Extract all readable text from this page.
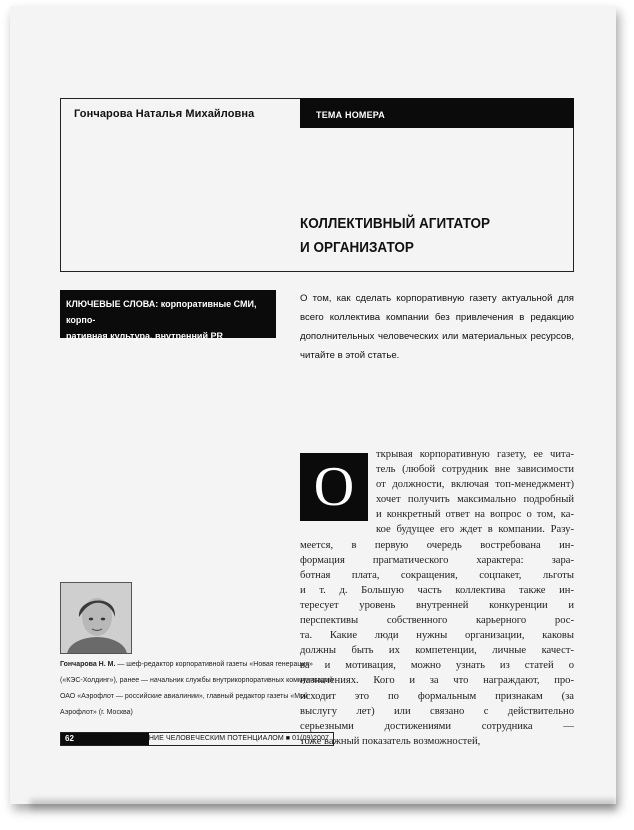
Гончарова Наталья Михайловна	ТЕМА НОМЕРА
КОЛЛЕКТИВНЫЙ АГИТАТОР
И ОРГАНИЗАТОР
КЛЮЧЕВЫЕ СЛОВА: корпоративные СМИ, корпо-
ративная культура, внутренний PR
О том, как сделать корпоративную газету актуальной для всего коллектива компании без привлечения в редакцию дополнительных человеческих или материальных ресурсов, читайте в этой статье.
О
ткрывая корпоративную газету, ее чита-
тель (любой сотрудник вне зависимости
от должности, включая топ-менеджмент)
хочет получить максимально подробный
и конкретный ответ на вопрос о том, ка-
кое будущее его ждет в компании. Разу-
меется, в первую очередь востребована ин-
формация прагматического характера: зара-
ботная плата, сокращения, соцпакет, льготы
и т. д. Большую часть коллектива также ин-
тересует уровень внутренней конкуренции и
перспективы собственного карьерного рос-
та. Какие люди нужны организации, каковы
должны быть их компетенции, личные качест-
ва и мотивация, можно узнать из статей о
назначениях. Кого и за что награждают, про-
исходит это по формальным признакам (за
выслугу лет) или связано с действительно
серьезными достижениями сотрудника —
тоже важный показатель возможностей,
Гончарова Н. М. — шеф-редактор корпоративной газеты «Новая генерация» («КЭС-Холдинг»), ранее — начальник службы внутрикорпоративных коммуникаций ОАО «Аэрофлот — российские авиалинии», главный редактор газеты «Мой Аэрофлот» (г. Москва)
62	УПРАВЛЕНИЕ ЧЕЛОВЕЧЕСКИМ ПОТЕНЦИАЛОМ ■ 01(09)2007
